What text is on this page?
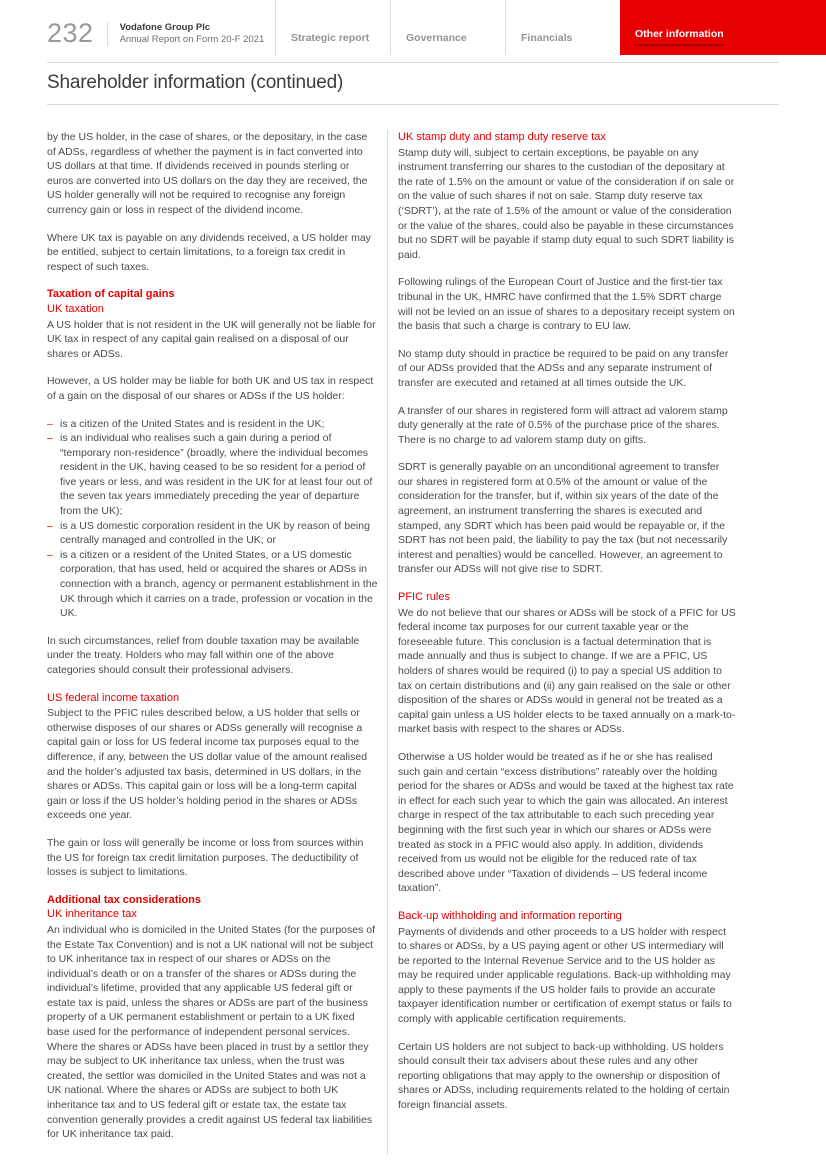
232	Vodafone Group Plc
Annual Report on Form 20-F 2021	Strategic report	Governance	Financials	Other information
Shareholder information (continued)

by the US holder, in the case of shares, or the depositary, in the case of ADSs, regardless of whether the payment is in fact converted into US dollars at that time. If dividends received in pounds sterling or euros are converted into US dollars on the day they are received, the US holder generally will not be required to recognise any foreign currency gain or loss in respect of the dividend income.

Where UK tax is payable on any dividends received, a US holder may be entitled, subject to certain limitations, to a foreign tax credit in respect of such taxes.

Taxation of capital gains
UK taxation

A US holder that is not resident in the UK will generally not be liable for UK tax in respect of any capital gain realised on a disposal of our shares or ADSs.

However, a US holder may be liable for both UK and US tax in respect of a gain on the disposal of our shares or ADSs if the US holder:

– is a citizen of the United States and is resident in the UK;
– is an individual who realises such a gain during a period of “temporary non-residence” (broadly, where the individual becomes resident in the UK, having ceased to be so resident for a period of five years or less, and was resident in the UK for at least four out of the seven tax years immediately preceding the year of departure from the UK);
– is a US domestic corporation resident in the UK by reason of being centrally managed and controlled in the UK; or
– is a citizen or a resident of the United States, or a US domestic corporation, that has used, held or acquired the shares or ADSs in connection with a branch, agency or permanent establishment in the UK through which it carries on a trade, profession or vocation in the UK.

In such circumstances, relief from double taxation may be available under the treaty. Holders who may fall within one of the above categories should consult their professional advisers.

US federal income taxation

Subject to the PFIC rules described below, a US holder that sells or otherwise disposes of our shares or ADSs generally will recognise a capital gain or loss for US federal income tax purposes equal to the difference, if any, between the US dollar value of the amount realised and the holder’s adjusted tax basis, determined in US dollars, in the shares or ADSs. This capital gain or loss will be a long-term capital gain or loss if the US holder’s holding period in the shares or ADSs exceeds one year.

The gain or loss will generally be income or loss from sources within the US for foreign tax credit limitation purposes. The deductibility of losses is subject to limitations.

Additional tax considerations
UK inheritance tax

An individual who is domiciled in the United States (for the purposes of the Estate Tax Convention) and is not a UK national will not be subject to UK inheritance tax in respect of our shares or ADSs on the individual’s death or on a transfer of the shares or ADSs during the individual’s lifetime, provided that any applicable US federal gift or estate tax is paid, unless the shares or ADSs are part of the business property of a UK permanent establishment or pertain to a UK fixed base used for the performance of independent personal services. Where the shares or ADSs have been placed in trust by a settlor they may be subject to UK inheritance tax unless, when the trust was created, the settlor was domiciled in the United States and was not a UK national. Where the shares or ADSs are subject to both UK inheritance tax and to US federal gift or estate tax, the estate tax convention generally provides a credit against US federal tax liabilities for UK inheritance tax paid.

UK stamp duty and stamp duty reserve tax

Stamp duty will, subject to certain exceptions, be payable on any instrument transferring our shares to the custodian of the depositary at the rate of 1.5% on the amount or value of the consideration if on sale or on the value of such shares if not on sale. Stamp duty reserve tax (‘SDRT’), at the rate of 1.5% of the amount or value of the consideration or the value of the shares, could also be payable in these circumstances but no SDRT will be payable if stamp duty equal to such SDRT liability is paid.

Following rulings of the European Court of Justice and the first-tier tax tribunal in the UK, HMRC have confirmed that the 1.5% SDRT charge will not be levied on an issue of shares to a depositary receipt system on the basis that such a charge is contrary to EU law.

No stamp duty should in practice be required to be paid on any transfer of our ADSs provided that the ADSs and any separate instrument of transfer are executed and retained at all times outside the UK.

A transfer of our shares in registered form will attract ad valorem stamp duty generally at the rate of 0.5% of the purchase price of the shares. There is no charge to ad valorem stamp duty on gifts.

SDRT is generally payable on an unconditional agreement to transfer our shares in registered form at 0.5% of the amount or value of the consideration for the transfer, but if, within six years of the date of the agreement, an instrument transferring the shares is executed and stamped, any SDRT which has been paid would be repayable or, if the SDRT has not been paid, the liability to pay the tax (but not necessarily interest and penalties) would be cancelled. However, an agreement to transfer our ADSs will not give rise to SDRT.

PFIC rules

We do not believe that our shares or ADSs will be stock of a PFIC for US federal income tax purposes for our current taxable year or the foreseeable future. This conclusion is a factual determination that is made annually and thus is subject to change. If we are a PFIC, US holders of shares would be required (i) to pay a special US addition to tax on certain distributions and (ii) any gain realised on the sale or other disposition of the shares or ADSs would in general not be treated as a capital gain unless a US holder elects to be taxed annually on a mark-to-market basis with respect to the shares or ADSs.

Otherwise a US holder would be treated as if he or she has realised such gain and certain “excess distributions” rateably over the holding period for the shares or ADSs and would be taxed at the highest tax rate in effect for each such year to which the gain was allocated. An interest charge in respect of the tax attributable to each such preceding year beginning with the first such year in which our shares or ADSs were treated as stock in a PFIC would also apply. In addition, dividends received from us would not be eligible for the reduced rate of tax described above under “Taxation of dividends – US federal income taxation”.

Back-up withholding and information reporting

Payments of dividends and other proceeds to a US holder with respect to shares or ADSs, by a US paying agent or other US intermediary will be reported to the Internal Revenue Service and to the US holder as may be required under applicable regulations. Back-up withholding may apply to these payments if the US holder fails to provide an accurate taxpayer identification number or certification of exempt status or fails to comply with applicable certification requirements.

Certain US holders are not subject to back-up withholding. US holders should consult their tax advisers about these rules and any other reporting obligations that may apply to the ownership or disposition of shares or ADSs, including requirements related to the holding of certain foreign financial assets.
